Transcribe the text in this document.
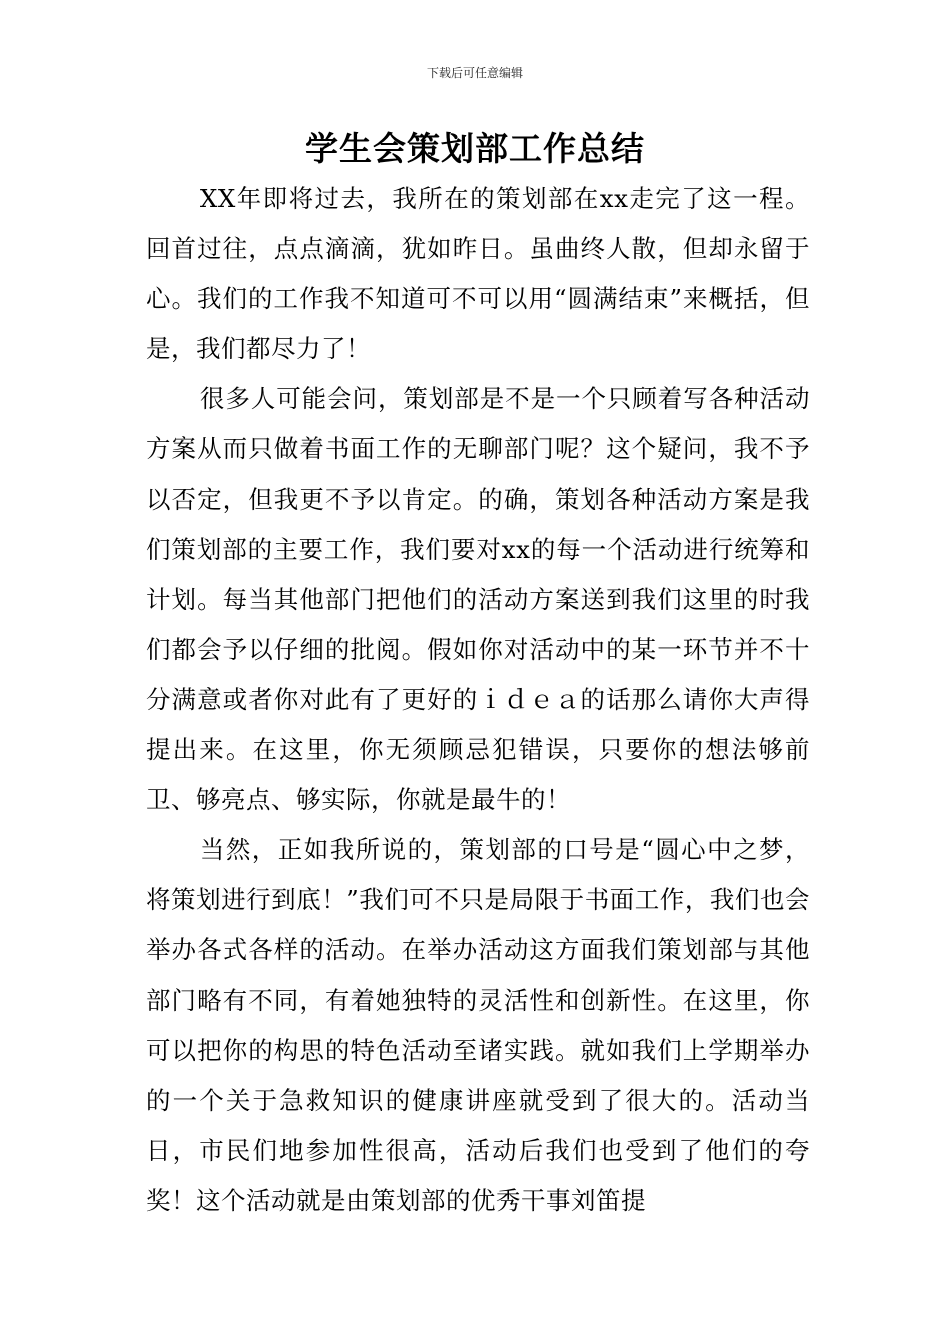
下载后可任意编辑
学生会策划部工作总结

XX年即将过去，我所在的策划部在xx走完了这一程。回首过往，点点滴滴，犹如昨日。虽曲终人散，但却永留于心。我们的工作我不知道可不可以用“圆满结束”来概括，但是，我们都尽力了！

很多人可能会问，策划部是不是一个只顾着写各种活动方案从而只做着书面工作的无聊部门呢？这个疑问，我不予以否定，但我更不予以肯定。的确，策划各种活动方案是我们策划部的主要工作，我们要对xx的每一个活动进行统筹和计划。每当其他部门把他们的活动方案送到我们这里的时我们都会予以仔细的批阅。假如你对活动中的某一环节并不十分满意或者你对此有了更好的ｉｄｅａ的话那么请你大声得提出来。在这里，你无须顾忌犯错误，只要你的想法够前卫、够亮点、够实际，你就是最牛的！

当然，正如我所说的，策划部的口号是“圆心中之梦，将策划进行到底！”我们可不只是局限于书面工作，我们也会举办各式各样的活动。在举办活动这方面我们策划部与其他部门略有不同，有着她独特的灵活性和创新性。在这里，你可以把你的构思的特色活动至诸实践。就如我们上学期举办的一个关于急救知识的健康讲座就受到了很大的。活动当日，市民们地参加性很高，活动后我们也受到了他们的夸奖！这个活动就是由策划部的优秀干事刘笛提
